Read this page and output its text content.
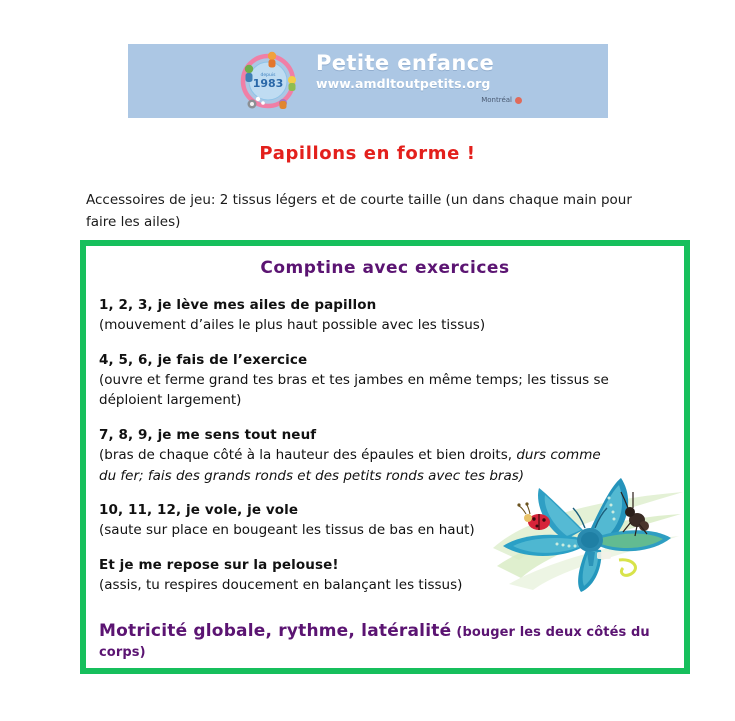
1983
depuis
Petite enfance
www.amdltoutpetits.org
Montréal
Papillons en forme !
Accessoires de jeu: 2 tissus légers et de courte taille (un dans chaque main pour faire les ailes)
Comptine avec exercices
1, 2, 3, je lève mes ailes de papillon
(mouvement d’ailes le plus haut possible avec les tissus)
4, 5, 6, je fais de l’exercice
(ouvre et ferme grand tes bras et tes jambes en même temps; les tissus se déploient largement)
7, 8, 9, je me sens tout neuf
(bras de chaque côté à la hauteur des épaules et bien droits, durs comme du fer; fais des grands ronds et des petits ronds avec tes bras)
10, 11, 12, je vole, je vole
(saute sur place en bougeant les tissus de bas en haut)
Et je me repose sur la pelouse!
(assis, tu respires doucement en balançant les tissus)
Motricité globale, rythme, latéralité (bouger les deux côtés du corps)
